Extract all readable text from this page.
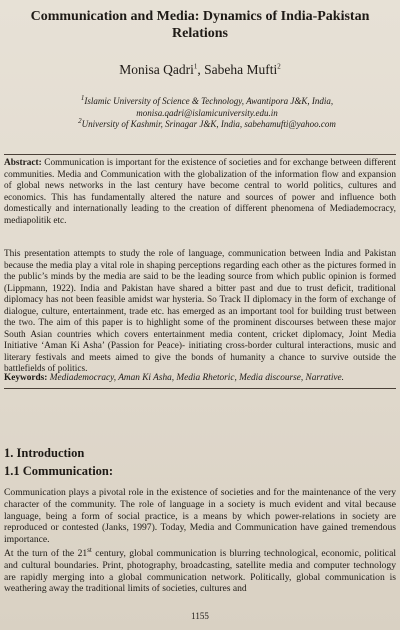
Communication and Media: Dynamics of India-Pakistan Relations
Monisa Qadri$^1$, Sabeha Mufti$^2$
$^1$Islamic University of Science & Technology, Awantipora J&K, India,
monisa.qadri@islamicuniversity.edu.in
$^2$University of Kashmir, Srinagar J&K, India, sabehamufti@yahoo.com
Abstract: Communication is important for the existence of societies and for exchange between different communities. Media and Communication with the globalization of the information flow and expansion of global news networks in the last century have become central to world politics, cultures and economics. This has fundamentally altered the nature and sources of power and influence both domestically and internationally leading to the creation of different phenomena of Mediademocracy, mediapolitik etc.
This presentation attempts to study the role of language, communication between India and Pakistan because the media play a vital role in shaping perceptions regarding each other as the pictures formed in the public’s minds by the media are said to be the leading source from which public opinion is formed (Lippmann, 1922). India and Pakistan have shared a bitter past and due to trust deficit, traditional diplomacy has not been feasible amidst war hysteria. So Track II diplomacy in the form of exchange of dialogue, culture, entertainment, trade etc. has emerged as an important tool for building trust between the two. The aim of this paper is to highlight some of the prominent discourses between these major South Asian countries which covers entertainment media content, cricket diplomacy, Joint Media Initiative ‘Aman Ki Asha’ (Passion for Peace)- initiating cross-border cultural interactions, music and literary festivals and meets aimed to give the bonds of humanity a chance to survive outside the battlefields of politics.
Keywords: Mediademocracy, Aman Ki Asha, Media Rhetoric, Media discourse, Narrative.
1. Introduction
1.1 Communication:
Communication plays a pivotal role in the existence of societies and for the maintenance of the very character of the community. The role of language in a society is much evident and vital because language, being a form of social practice, is a means by which power-relations in society are reproduced or contested (Janks, 1997). Today, Media and Communication have gained tremendous importance.
At the turn of the 21st century, global communication is blurring technological, economic, political and cultural boundaries. Print, photography, broadcasting, satellite media and computer technology are rapidly merging into a global communication network. Politically, global communication is weathering away the traditional limits of societies, cultures and
1155
